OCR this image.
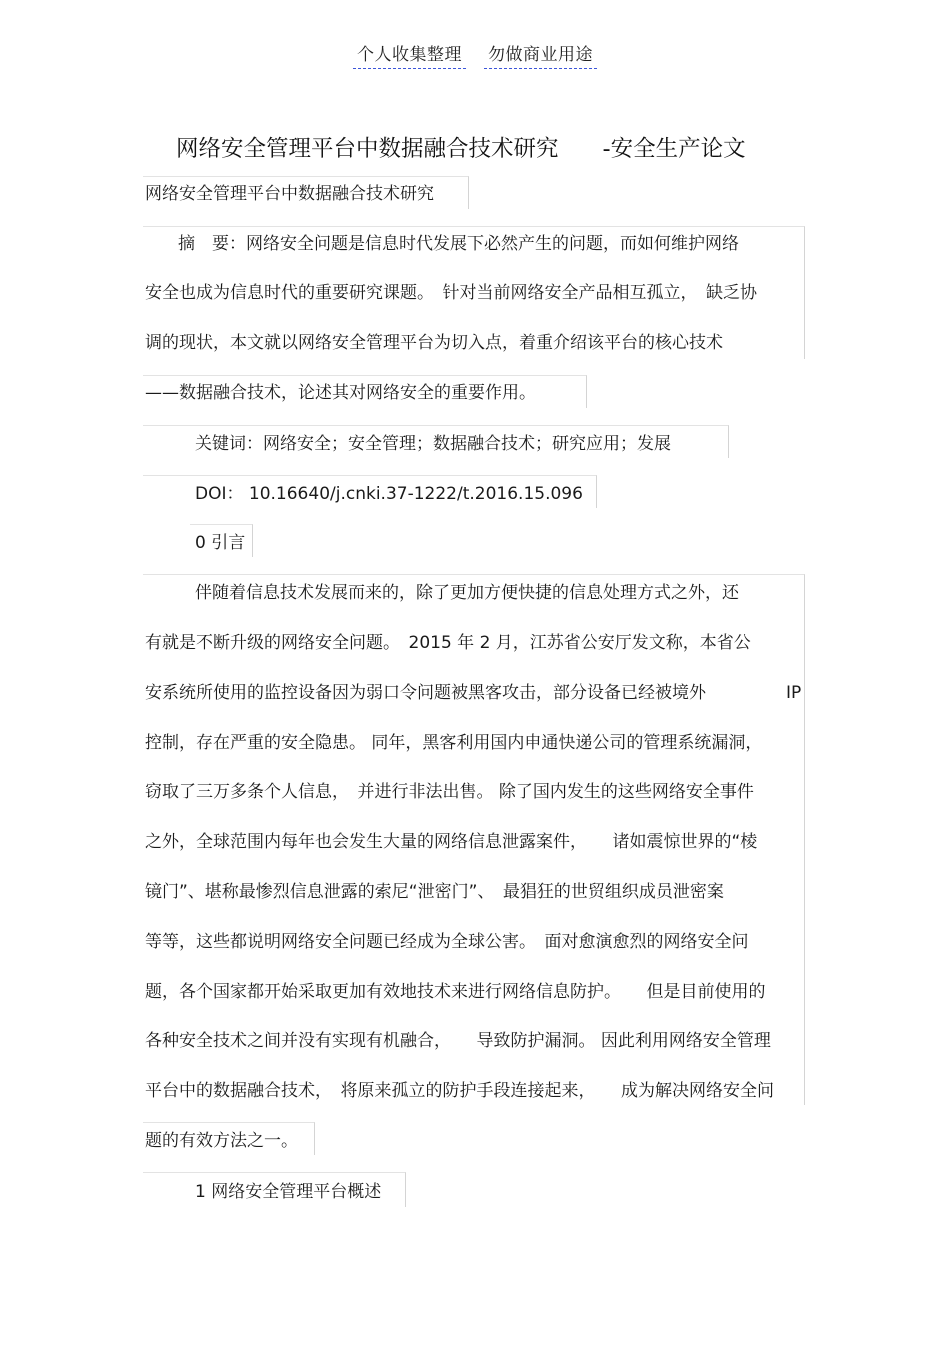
个人收集整理 勿做商业用途
网络安全管理平台中数据融合技术研究 -安全生产论文
网络安全管理平台中数据融合技术研究
摘　要：网络安全问题是信息时代发展下必然产生的问题，而如何维护网络
安全也成为信息时代的重要研究课题。　针对当前网络安全产品相互孤立，　缺乏协
调的现状，本文就以网络安全管理平台为切入点，着重介绍该平台的核心技术
——数据融合技术，论述其对网络安全的重要作用。
关键词：网络安全；安全管理；数据融合技术；研究应用；发展
DOI： 10.16640/j.cnki.37-1222/t.2016.15.096
0 引言
伴随着信息技术发展而来的，除了更加方便快捷的信息处理方式之外，还
有就是不断升级的网络安全问题。　2015 年 2 月，江苏省公安厅发文称，本省公
安系统所使用的监控设备因为弱口令问题被黑客攻击，部分设备已经被境外	IP
控制，存在严重的安全隐患。 同年，黑客利用国内申通快递公司的管理系统漏洞，
窃取了三万多条个人信息，　并进行非法出售。 除了国内发生的这些网络安全事件
之外，全球范围内每年也会发生大量的网络信息泄露案件，　　诸如震惊世界的“棱
镜门”、堪称最惨烈信息泄露的索尼“泄密门”、　最猖狂的世贸组织成员泄密案
等等，这些都说明网络安全问题已经成为全球公害。　面对愈演愈烈的网络安全问
题，各个国家都开始采取更加有效地技术来进行网络信息防护。　　但是目前使用的
各种安全技术之间并没有实现有机融合，　　导致防护漏洞。 因此利用网络安全管理
平台中的数据融合技术，　将原来孤立的防护手段连接起来，　　成为解决网络安全问
题的有效方法之一。
1 网络安全管理平台概述
